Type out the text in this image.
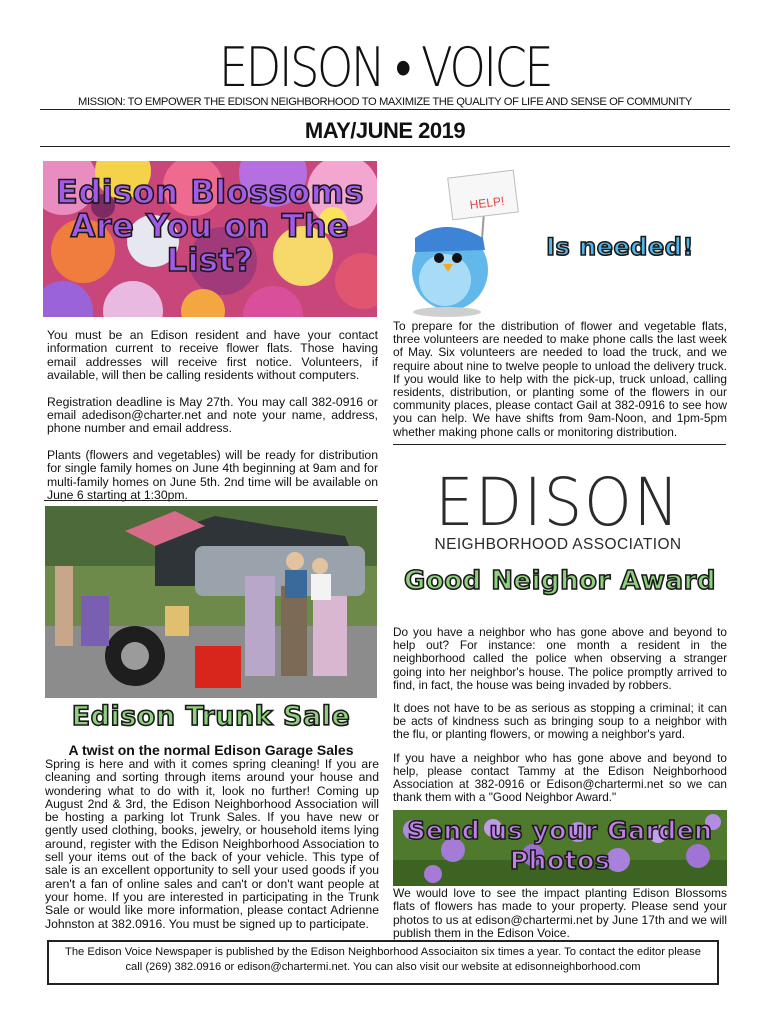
EDISON • VOICE
MISSION: TO EMPOWER THE EDISON NEIGHBORHOOD TO MAXIMIZE THE QUALITY OF LIFE AND SENSE OF COMMUNITY
MAY/JUNE 2019
Edison Blossoms Are You on The List?

You must be an Edison resident and have your contact information current to receive flower flats. Those having email addresses will receive first notice. Volunteers, if available, will then be calling residents without computers.

Registration deadline is May 27th. You may call 382-0916 or email adedison@charter.net and note your name, address, phone number and email address.

Plants (flowers and vegetables) will be ready for distribution for single family homes on June 4th beginning at 9am and for multi-family homes on June 5th. 2nd time will be available on June 6 starting at 1:30pm.

Edison Trunk Sale
A twist on the normal Edison Garage Sales

Spring is here and with it comes spring cleaning! If you are cleaning and sorting through items around your house and wondering what to do with it, look no further! Coming up August 2nd & 3rd, the Edison Neighborhood Association will be hosting a parking lot Trunk Sales. If you have new or gently used clothing, books, jewelry, or household items lying around, register with the Edison Neighborhood Association to sell your items out of the back of your vehicle. This type of sale is an excellent opportunity to sell your used goods if you aren't a fan of online sales and can't or don't want people at your home. If you are interested in participating in the Trunk Sale or would like more information, please contact Adrienne Johnston at 382.0916. You must be signed up to participate.

HELP!
Is needed!

To prepare for the distribution of flower and vegetable flats, three volunteers are needed to make phone calls the last week of May. Six volunteers are needed to load the truck, and we require about nine to twelve people to unload the delivery truck. If you would like to help with the pick-up, truck unload, calling residents, distribution, or planting some of the flowers in our community places, please contact Gail at 382-0916 to see how you can help. We have shifts from 9am-Noon, and 1pm-5pm whether making phone calls or monitoring distribution.

EDISON
NEIGHBORHOOD ASSOCIATION
Good Neighor Award

Do you have a neighbor who has gone above and beyond to help out? For instance: one month a resident in the neighborhood called the police when observing a stranger going into her neighbor's house. The police promptly arrived to find, in fact, the house was being invaded by robbers.

It does not have to be as serious as stopping a criminal; it can be acts of kindness such as bringing soup to a neighbor with the flu, or planting flowers, or mowing a neighbor's yard.

If you have a neighbor who has gone above and beyond to help, please contact Tammy at the Edison Neighborhood Association at 382-0916 or Edison@chartermi.net so we can thank them with a "Good Neighbor Award."

Send us your Garden Photos

We would love to see the impact planting Edison Blossoms flats of flowers has made to your property. Please send your photos to us at edison@chartermi.net by June 17th and we will publish them in the Edison Voice.

The Edison Voice Newspaper is published by the Edison Neighborhood Associaiton six times a year. To contact the editor please
call (269) 382.0916 or edison@chartermi.net. You can also visit our website at edisonneighborhood.com
